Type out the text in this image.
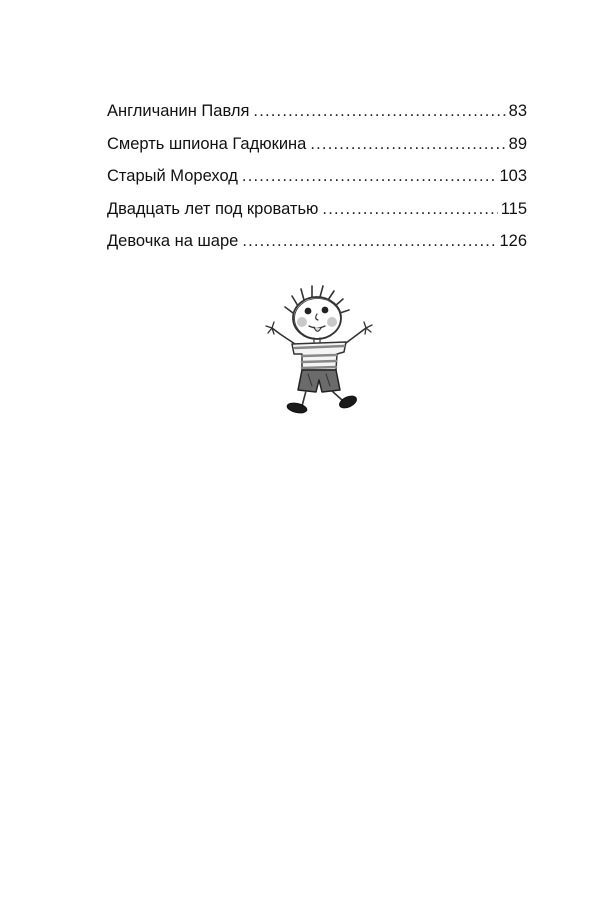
Англичанин Павля .....	83
Смерть шпиона Гадюкина .....	89
Старый Мореход .....	103
Двадцать лет под кроватью .....	115
Девочка на шаре .....	126
